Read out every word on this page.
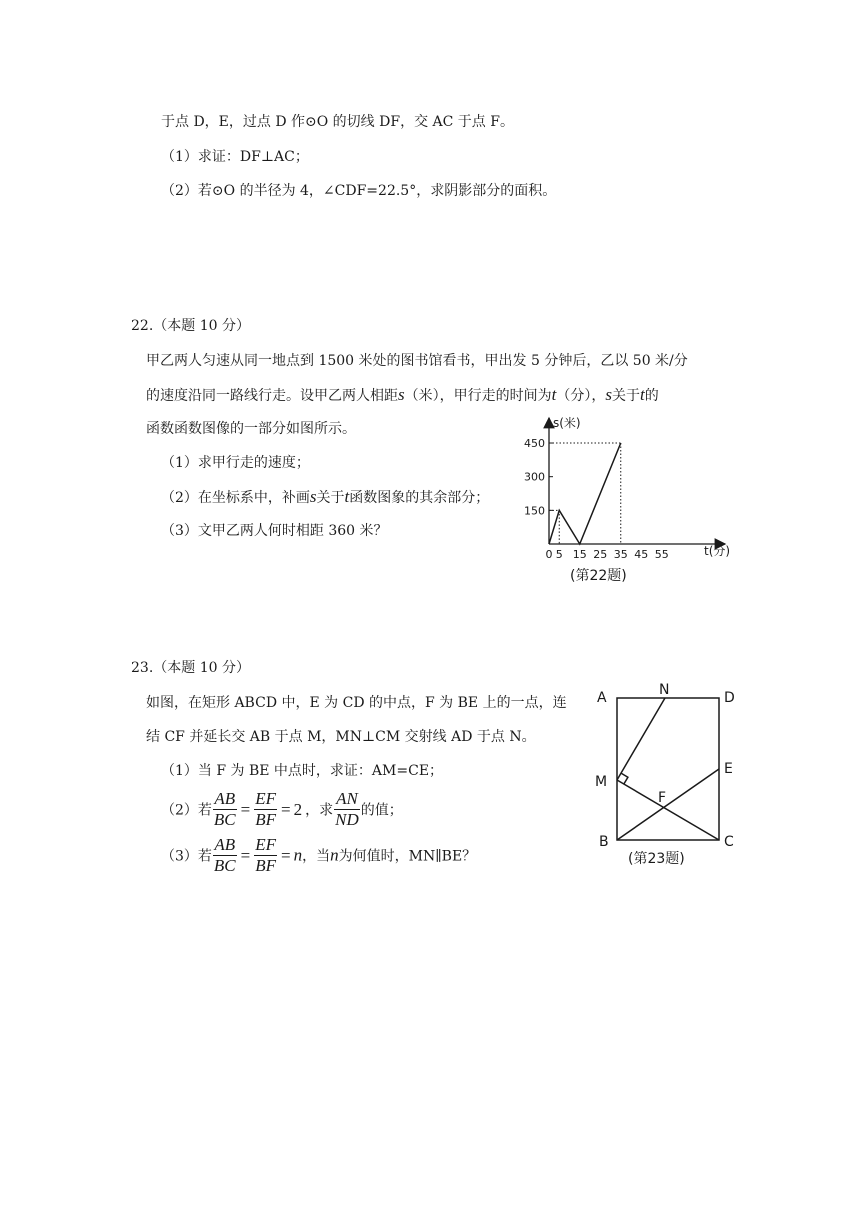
于点 D，E，过点 D 作⊙O 的切线 DF，交 AC 于点 F。
（1）求证：DF⊥AC；
（2）若⊙O 的半径为 4，∠CDF=22.5°，求阴影部分的面积。
22.（本题 10 分）
甲乙两人匀速从同一地点到 1500 米处的图书馆看书，甲出发 5 分钟后，乙以 50 米/分
的速度沿同一路线行走。设甲乙两人相距s（米），甲行走的时间为t（分），s关于t的
函数函数图像的一部分如图所示。
（1）求甲行走的速度；
（2）在坐标系中，补画s关于t函数图象的其余部分；
（3）文甲乙两人何时相距 360 米？
s(米)
t(分)
150
300
450
0 5 15 25 35 45 55
(第22题)
23.（本题 10 分）
如图，在矩形 ABCD 中，E 为 CD 的中点，F 为 BE 上的一点，连
结 CF 并延长交 AB 于点 M，MN⊥CM 交射线 AD 于点 N。
（1）当 F 为 BE 中点时，求证：AM=CE；
（2）若 $\frac{AB}{BC} = \frac{EF}{BF} = 2$ ，求 $\frac{AN}{ND}$ 的值；
（3）若 $\frac{AB}{BC} = \frac{EF}{BF} = n$，当n为何值时，MN∥BE？
A	N	D
E
M
F
B	C
(第23题)
